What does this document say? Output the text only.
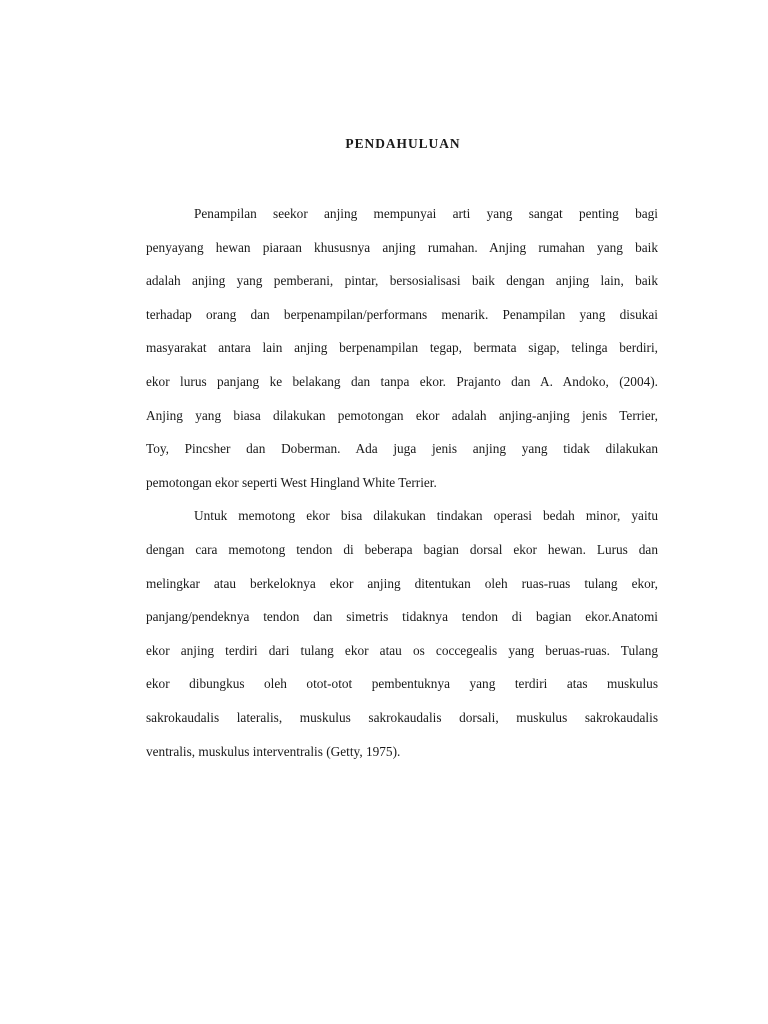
PENDAHULUAN
Penampilan seekor anjing mempunyai arti yang sangat penting bagi
penyayang hewan piaraan khususnya anjing rumahan. Anjing rumahan yang baik
adalah anjing yang pemberani, pintar, bersosialisasi baik dengan anjing lain, baik
terhadap orang dan berpenampilan/performans menarik. Penampilan yang disukai
masyarakat antara lain anjing berpenampilan tegap, bermata sigap, telinga berdiri,
ekor lurus panjang ke belakang dan tanpa ekor. Prajanto dan A. Andoko, (2004).
Anjing yang biasa dilakukan pemotongan ekor adalah anjing-anjing jenis Terrier,
Toy, Pincsher dan Doberman. Ada juga jenis anjing yang tidak dilakukan
pemotongan ekor seperti West Hingland White Terrier.
Untuk memotong ekor bisa dilakukan tindakan operasi bedah minor, yaitu
dengan cara memotong tendon di beberapa bagian dorsal ekor hewan. Lurus dan
melingkar atau berkeloknya ekor anjing ditentukan oleh ruas-ruas tulang ekor,
panjang/pendeknya tendon dan simetris tidaknya tendon di bagian ekor.Anatomi
ekor anjing terdiri dari tulang ekor atau os coccegealis yang beruas-ruas. Tulang
ekor dibungkus oleh otot-otot pembentuknya yang terdiri atas muskulus
sakrokaudalis lateralis, muskulus sakrokaudalis dorsali, muskulus sakrokaudalis
ventralis, muskulus interventralis (Getty, 1975).
